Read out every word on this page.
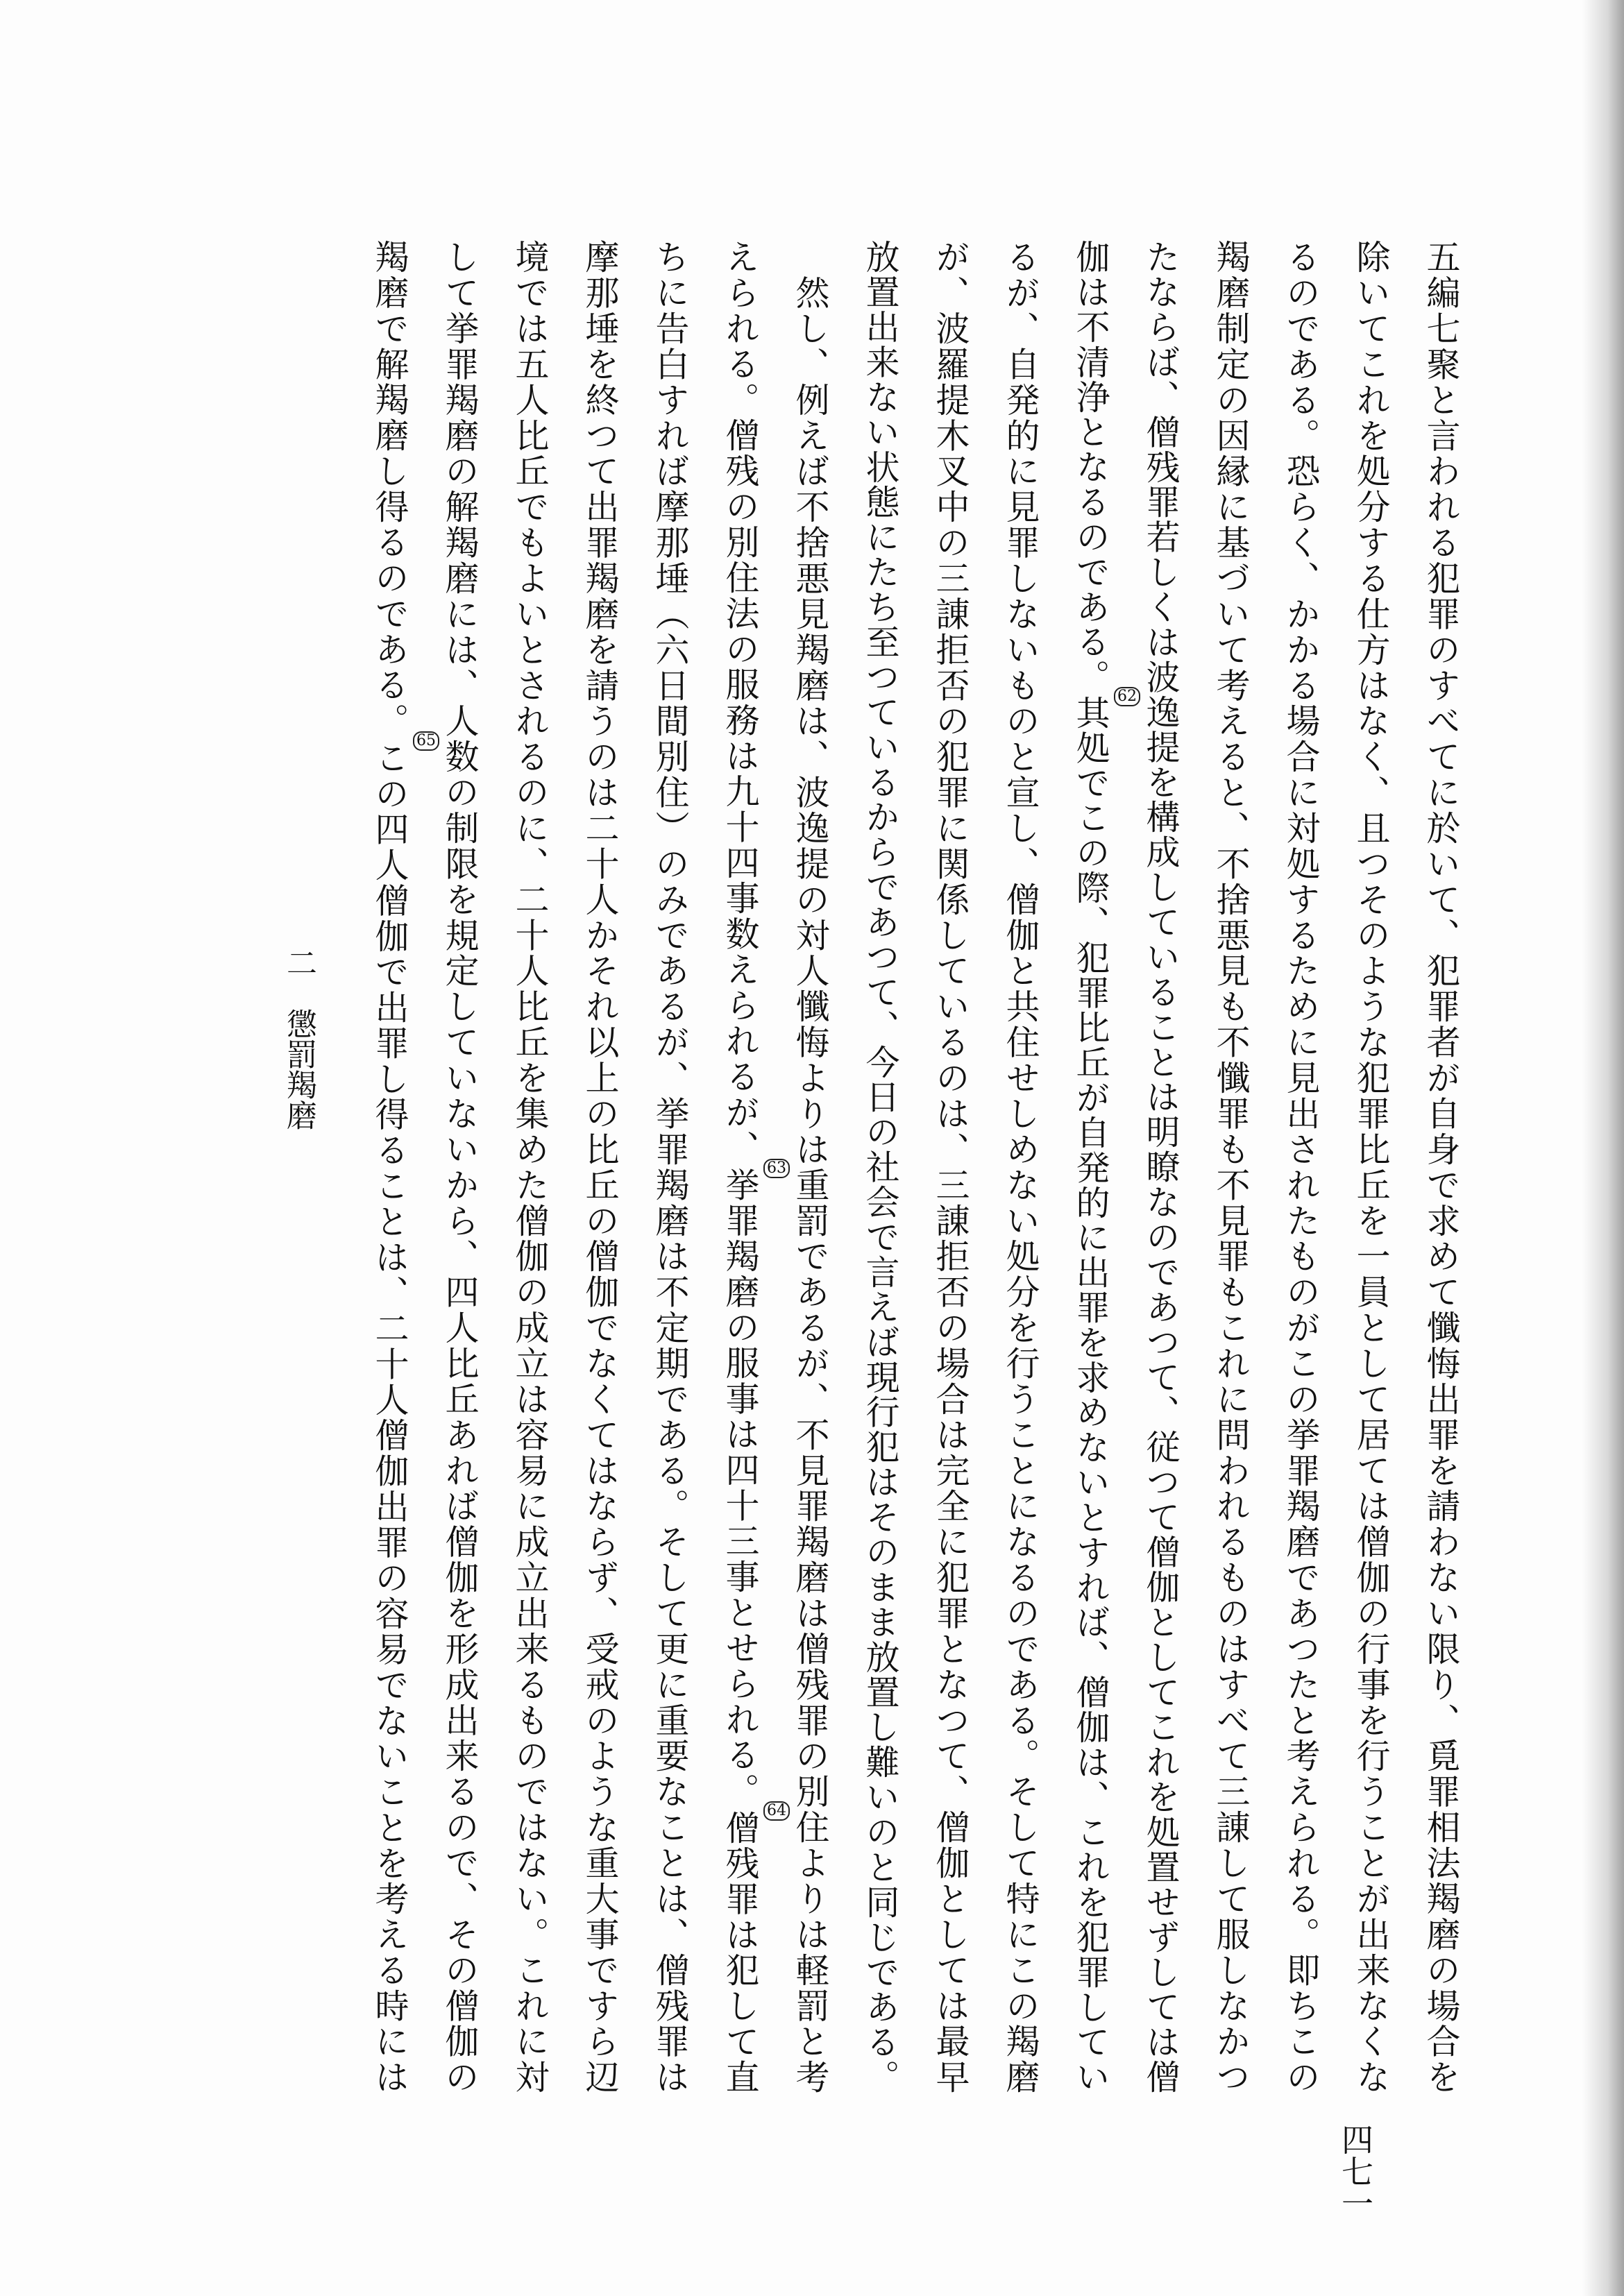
二　懲罰羯磨	五編七聚と言われる犯罪のすべてに於いて、犯罪者が自身で求めて懺悔出罪を請わない限り、覓罪相法羯磨の場合を
除いてこれを処分する仕方はなく、且つそのような犯罪比丘を一員として居ては僧伽の行事を行うことが出来なくな
るのである。恐らく、かかる場合に対処するために見出されたものがこの挙罪羯磨であつたと考えられる。即ちこの
羯磨制定の因縁に基づいて考えると、不捨悪見も不懺罪も不見罪もこれに問われるものはすべて三諌して服しなかつ
たならば、僧残罪若しくは波逸提を構成していることは明瞭なのであつて、従つて僧伽としてこれを処置せずしては僧
伽は不清浄となるのである。
62
其処でこの際、犯罪比丘が自発的に出罪を求めないとすれば、僧伽は、これを犯罪してい
るが、自発的に見罪しないものと宣し、僧伽と共住せしめない処分を行うことになるのである。そして特にこの羯磨
が、波羅提木叉中の三諌拒否の犯罪に関係しているのは、三諌拒否の場合は完全に犯罪となつて、僧伽としては最早
放置出来ない状態にたち至つているからであつて、今日の社会で言えば現行犯はそのまま放置し難いのと同じである。
　然し、例えば不捨悪見羯磨は、波逸提の対人懺悔よりは重罰であるが、不見罪羯磨は僧残罪の別住よりは軽罰と考
えられる。僧残の別住法の服務は九十四事数えられるが、
63
挙罪羯磨の服事は四十三事とせられる。
64
僧残罪は犯して直
ちに告白すれば摩那埵（六日間別住）のみであるが、挙罪羯磨は不定期である。そして更に重要なことは、僧残罪は
摩那埵を終つて出罪羯磨を請うのは二十人かそれ以上の比丘の僧伽でなくてはならず、受戒のような重大事ですら辺
境では五人比丘でもよいとされるのに、二十人比丘を集めた僧伽の成立は容易に成立出来るものではない。これに対
して挙罪羯磨の解羯磨には、人数の制限を規定していないから、四人比丘あれば僧伽を形成出来るので、その僧伽の
羯磨で解羯磨し得るのである。
65
この四人僧伽で出罪し得ることは、二十人僧伽出罪の容易でないことを考える時には
四七一
